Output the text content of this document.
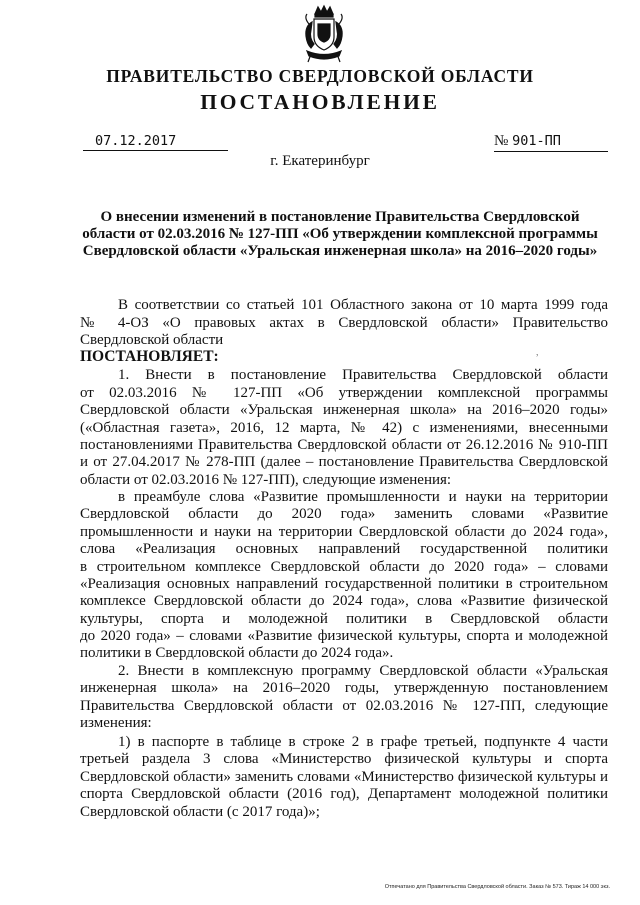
ПРАВИТЕЛЬСТВО СВЕРДЛОВСКОЙ ОБЛАСТИ
ПОСТАНОВЛЕНИЕ
07.12.2017	№ 901-ПП
г. Екатеринбург
О внесении изменений в постановление Правительства Свердловской
области от 02.03.2016 № 127-ПП «Об утверждении комплексной программы
Свердловской области «Уральская инженерная школа» на 2016–2020 годы»
,
В соответствии со статьей 101 Областного закона от 10 марта 1999 года
№ 4-ОЗ «О правовых актах в Свердловской области» Правительство
Свердловской области
ПОСТАНОВЛЯЕТ:
1. Внести в постановление Правительства Свердловской области
от 02.03.2016 № 127-ПП «Об утверждении комплексной программы
Свердловской области «Уральская инженерная школа» на 2016–2020 годы»
(«Областная газета», 2016, 12 марта, № 42) с изменениями, внесенными
постановлениями Правительства Свердловской области от 26.12.2016 № 910-ПП
и от 27.04.2017 № 278-ПП (далее – постановление Правительства Свердловской
области от 02.03.2016 № 127-ПП), следующие изменения:
в преамбуле слова «Развитие промышленности и науки на территории
Свердловской области до 2020 года» заменить словами «Развитие
промышленности и науки на территории Свердловской области до 2024 года»,
слова «Реализация основных направлений государственной политики
в строительном комплексе Свердловской области до 2020 года» – словами
«Реализация основных направлений государственной политики в строительном
комплексе Свердловской области до 2024 года», слова «Развитие физической
культуры, спорта и молодежной политики в Свердловской области
до 2020 года» – словами «Развитие физической культуры, спорта и молодежной
политики в Свердловской области до 2024 года».
2. Внести в комплексную программу Свердловской области «Уральская
инженерная школа» на 2016–2020 годы, утвержденную постановлением
Правительства Свердловской области от 02.03.2016 № 127-ПП, следующие
изменения:
1) в паспорте в таблице в строке 2 в графе третьей, подпункте 4 части
третьей раздела 3 слова «Министерство физической культуры и спорта
Свердловской области» заменить словами «Министерство физической культуры и
спорта Свердловской области (2016 год), Департамент молодежной политики
Свердловской области (с 2017 года)»;
Отпечатано для Правительства Свердловской области. Заказ № 573. Тираж 14 000 экз.
